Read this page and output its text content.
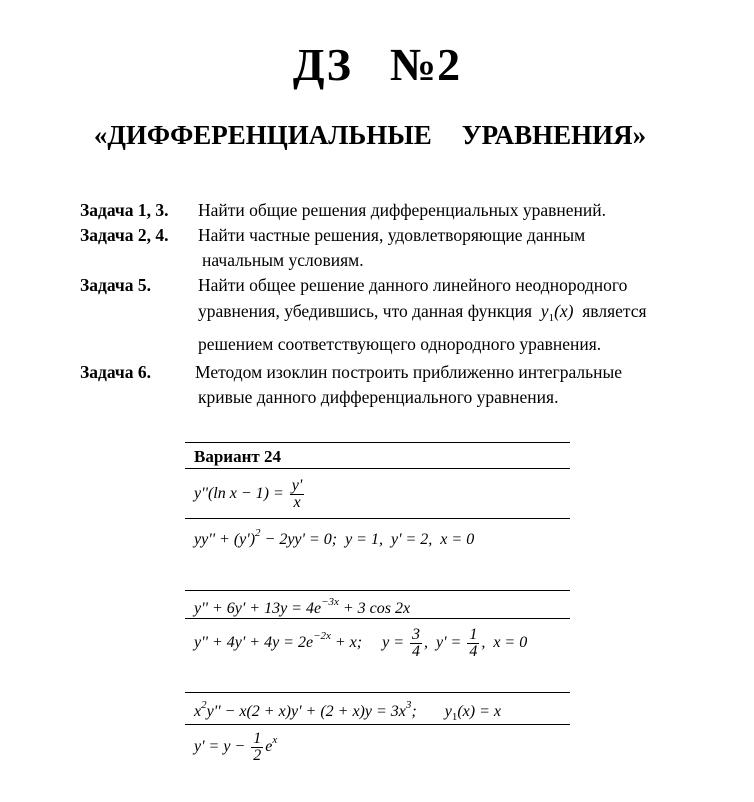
ДЗ №2
«ДИФФЕРЕНЦИАЛЬНЫЕ УРАВНЕНИЯ»
Задача 1, 3. Найти общие решения дифференциальных уравнений.
Задача 2, 4. Найти частные решения, удовлетворяющие данным
начальным условиям.
Задача 5.	Найти общее решение данного линейного неоднородного
уравнения, убедившись, что данная функция  $y_1(x)$  является
решением соответствующего однородного уравнения.
Задача 6.	Методом изоклин построить приближенно интегральные
кривые данного дифференциального уравнения.
Вариант 24
y''(ln $x - 1) = \frac{y'}{x}$
$yy'' + (y')^2 - 2yy' = 0$;  y = 1,  y' = 2,  x = 0
$y'' + 6y' + 13y = 4e^{-3x} + 3$ cos 2x
$y'' + 4y' + 4y = 2e^{-2x} + x$;     $y = \frac{3}{4}$ ,  $y' = \frac{1}{4}$ ,  x = 0
$x^2y'' - x(2 + x)y' + (2 + x)y = 3x^3$;       $y_1(x) = x$
$y' = y - \frac{1}{2} e^x$
